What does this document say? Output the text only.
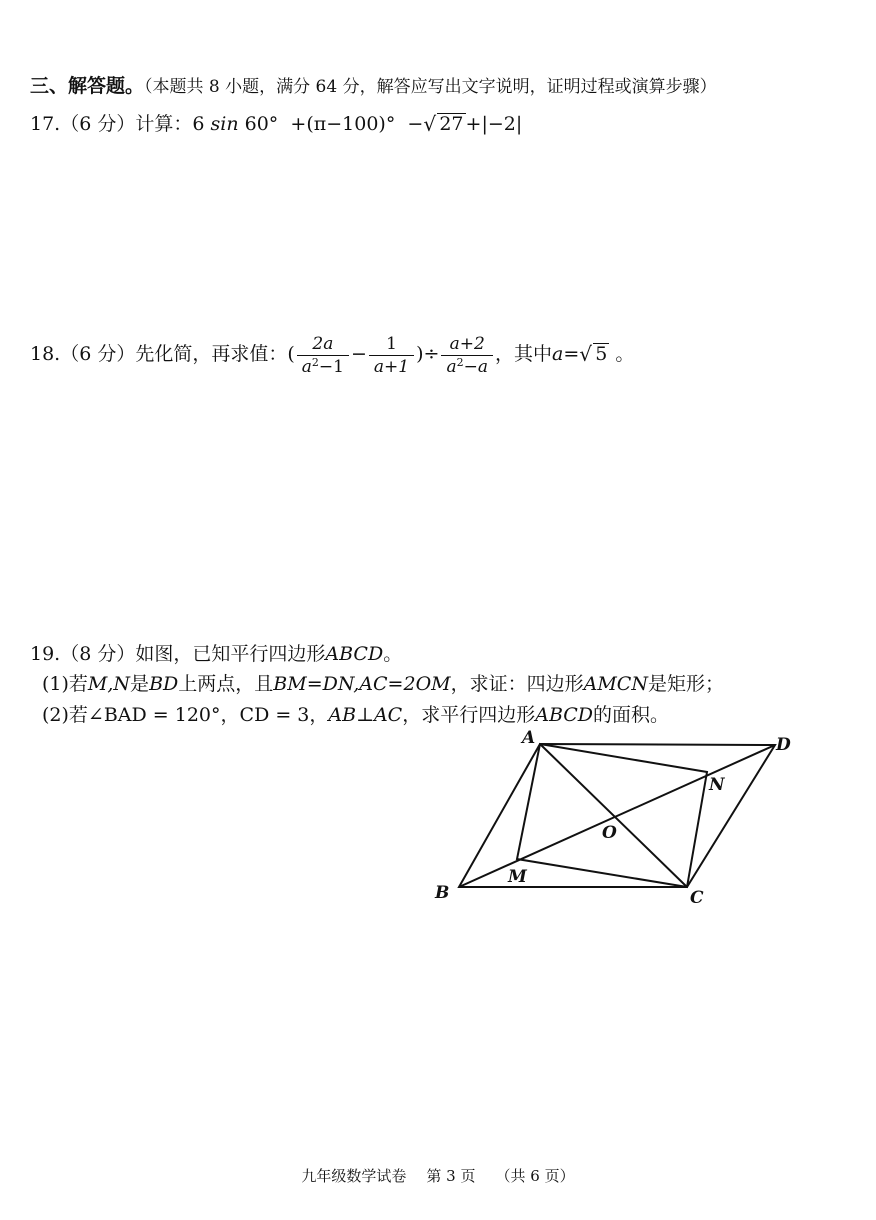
三、解答题。（本题共 8 小题，满分 64 分，解答应写出文字说明，证明过程或演算步骤）
17.（6 分）计算：6 sin 60° +(π−100)° − √ 27 +|−2|
18.（6 分）先化简，再求值：( $\frac{2a}{a^2-1} - \frac{1}{a+1}$ )÷ $\frac{a+2}{a^2-a}$ ，其中a= √ 5 。
19.（8 分）如图，已知平行四边形ABCD。
(1)若M,N是BD上两点，且BM=DN,AC=2OM，求证：四边形AMCN是矩形；
(2)若∠BAD = 120°，CD = 3，AB⊥AC，求平行四边形ABCD的面积。
A	D
N
O
M
B	C
九年级数学试卷 第 3 页 （共 6 页）
